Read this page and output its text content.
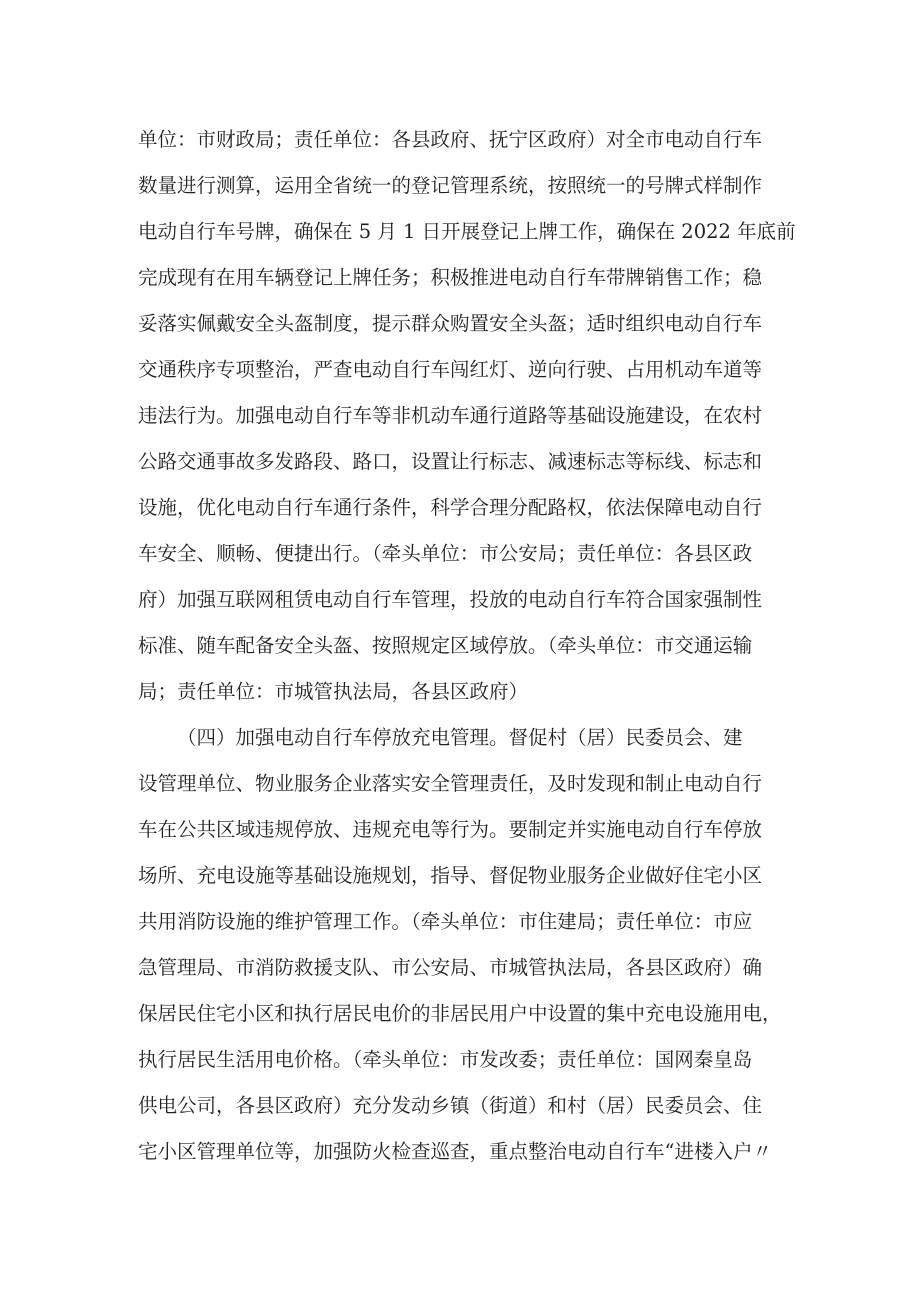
单位：市财政局；责任单位：各县政府、抚宁区政府）对全市电动自行车
数量进行测算，运用全省统一的登记管理系统，按照统一的号牌式样制作
电动自行车号牌，确保在 5 月 1 日开展登记上牌工作，确保在 2022 年底前
完成现有在用车辆登记上牌任务；积极推进电动自行车带牌销售工作；稳
妥落实佩戴安全头盔制度，提示群众购置安全头盔；适时组织电动自行车
交通秩序专项整治，严查电动自行车闯红灯、逆向行驶、占用机动车道等
违法行为。加强电动自行车等非机动车通行道路等基础设施建设，在农村
公路交通事故多发路段、路口，设置让行标志、减速标志等标线、标志和
设施，优化电动自行车通行条件，科学合理分配路权，依法保障电动自行
车安全、顺畅、便捷出行。（牵头单位：市公安局；责任单位：各县区政
府）加强互联网租赁电动自行车管理，投放的电动自行车符合国家强制性
标准、随车配备安全头盔、按照规定区域停放。（牵头单位：市交通运输
局；责任单位：市城管执法局，各县区政府）
（四）加强电动自行车停放充电管理。督促村（居）民委员会、建
设管理单位、物业服务企业落实安全管理责任，及时发现和制止电动自行
车在公共区域违规停放、违规充电等行为。要制定并实施电动自行车停放
场所、充电设施等基础设施规划，指导、督促物业服务企业做好住宅小区
共用消防设施的维护管理工作。（牵头单位：市住建局；责任单位：市应
急管理局、市消防救援支队、市公安局、市城管执法局，各县区政府）确
保居民住宅小区和执行居民电价的非居民用户中设置的集中充电设施用电，
执行居民生活用电价格。（牵头单位：市发改委；责任单位：国网秦皇岛
供电公司，各县区政府）充分发动乡镇（街道）和村（居）民委员会、住
宅小区管理单位等，加强防火检查巡查，重点整治电动自行车“进楼入户〃
